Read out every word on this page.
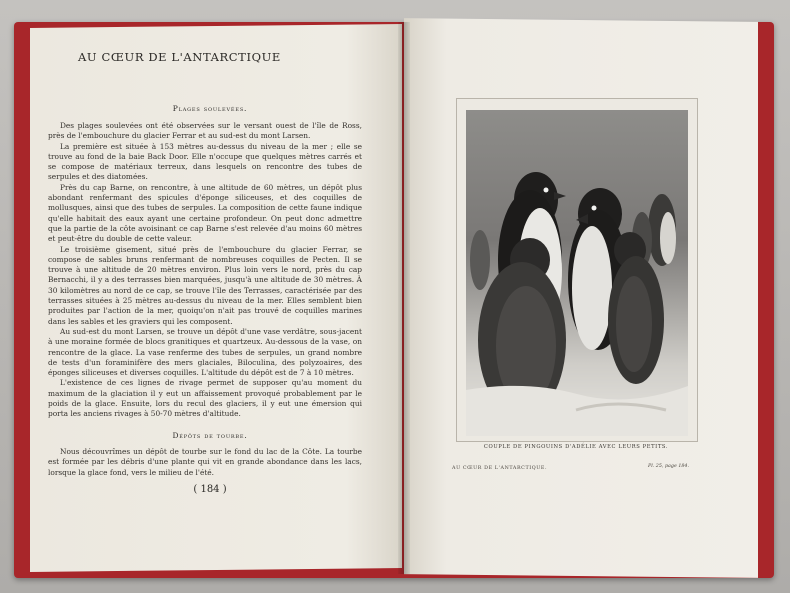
AU CŒUR DE L'ANTARCTIQUE
Plages soulevées.

Des plages soulevées ont été observées sur le versant ouest de l'île de Ross, près de l'embouchure du glacier Ferrar et au sud-est du mont Larsen.

La première est située à 153 mètres au-dessus du niveau de la mer ; elle se trouve au fond de la baie Back Door. Elle n'occupe que quelques mètres carrés et se compose de matériaux terreux, dans lesquels on rencontre des tubes de serpules et des diatomées.

Près du cap Barne, on rencontre, à une altitude de 60 mètres, un dépôt plus abondant renfermant des spicules d'éponge siliceuses, et des coquilles de mollusques, ainsi que des tubes de serpules. La composition de cette faune indique qu'elle habitait des eaux ayant une certaine profondeur. On peut donc admettre que la partie de la côte avoisinant ce cap Barne s'est relevée d'au moins 60 mètres et peut-être du double de cette valeur.

Le troisième gisement, situé près de l'embouchure du glacier Ferrar, se compose de sables bruns renfermant de nombreuses coquilles de Pecten. Il se trouve à une altitude de 20 mètres environ. Plus loin vers le nord, près du cap Bernacchi, il y a des terrasses bien marquées, jusqu'à une altitude de 30 mètres. À 30 kilomètres au nord de ce cap, se trouve l'île des Terrasses, caractérisée par des terrasses situées à 25 mètres au-dessus du niveau de la mer. Elles semblent bien produites par l'action de la mer, quoiqu'on n'ait pas trouvé de coquilles marines dans les sables et les graviers qui les composent.

Au sud-est du mont Larsen, se trouve un dépôt d'une vase verdâtre, sous-jacent à une moraine formée de blocs granitiques et quartzeux. Au-dessous de la vase, on rencontre de la glace. La vase renferme des tubes de serpules, un grand nombre de tests d'un foraminifère des mers glaciales, Biloculina, des polyzoaires, des éponges siliceuses et diverses coquilles. L'altitude du dépôt est de 7 à 10 mètres.

L'existence de ces lignes de rivage permet de supposer qu'au moment du maximum de la glaciation il y eut un affaissement provoqué probablement par le poids de la glace. Ensuite, lors du recul des glaciers, il y eut une émersion qui porta les anciens rivages à 50-70 mètres d'altitude.

Dépôts de tourbe.

Nous découvrîmes un dépôt de tourbe sur le fond du lac de la Côte. La tourbe est formée par les débris d'une plante qui vit en grande abondance dans les lacs, lorsque la glace fond, vers le milieu de l'été.

( 184 )
COUPLE DE PINGOUINS D'ADÉLIE AVEC LEURS PETITS.
AU CŒUR DE L'ANTARCTIQUE.	Pl. 25, page 184.
